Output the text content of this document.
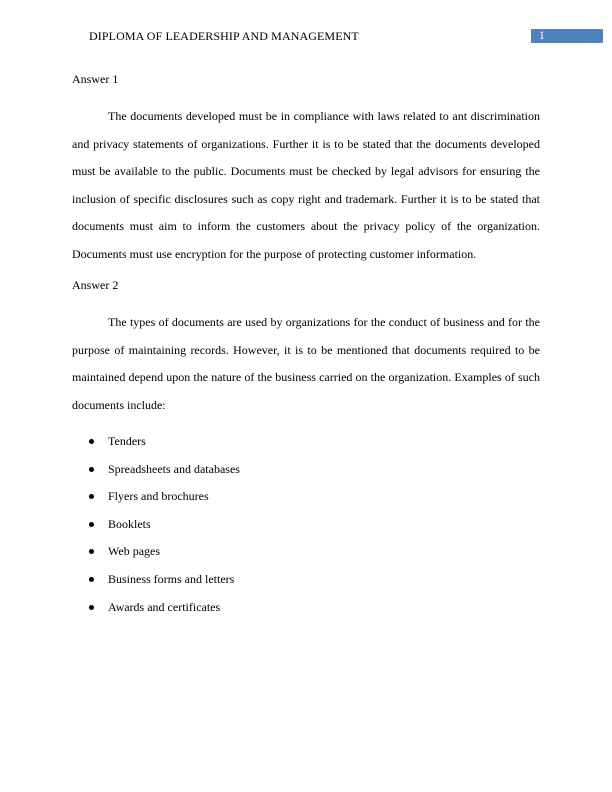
DIPLOMA OF LEADERSHIP AND MANAGEMENT	1

Answer 1

The documents developed must be in compliance with laws related to ant discrimination and privacy statements of organizations. Further it is to be stated that the documents developed must be available to the public. Documents must be checked by legal advisors for ensuring the inclusion of specific disclosures such as copy right and trademark. Further it is to be stated that documents must aim to inform the customers about the privacy policy of the organization. Documents must use encryption for the purpose of protecting customer information.

Answer 2

The types of documents are used by organizations for the conduct of business and for the purpose of maintaining records. However, it is to be mentioned that documents required to be maintained depend upon the nature of the business carried on the organization. Examples of such documents include:

Tenders
Spreadsheets and databases
Flyers and brochures
Booklets
Web pages
Business forms and letters
Awards and certificates
